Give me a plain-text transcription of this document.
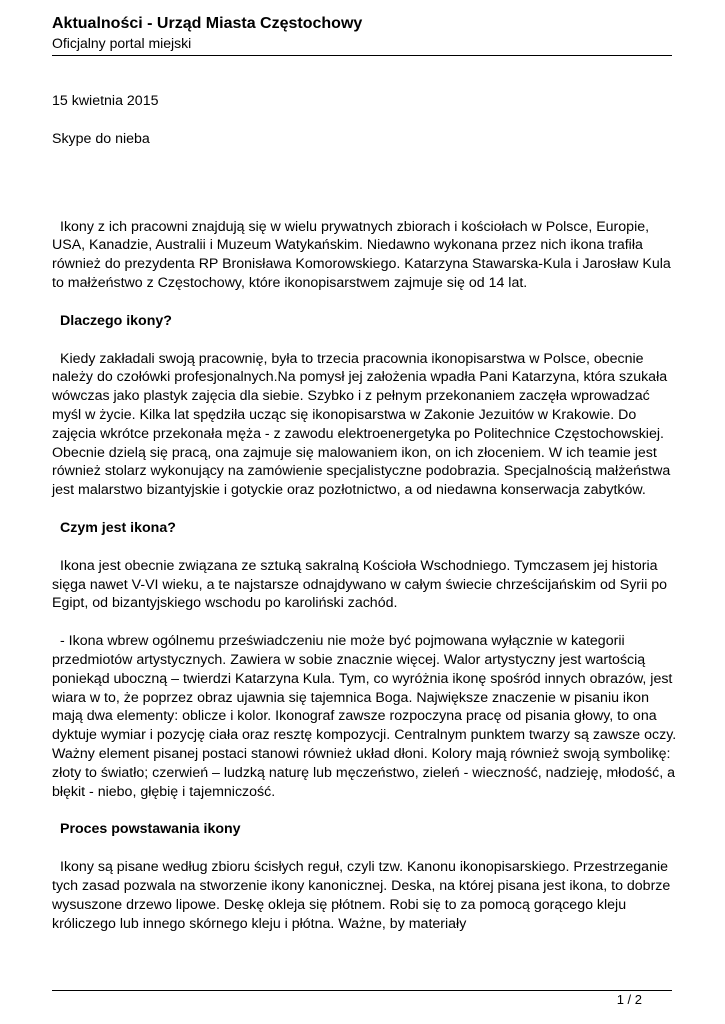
Aktualności - Urząd Miasta Częstochowy
Oficjalny portal miejski
15 kwietnia 2015
Skype do nieba

Ikony z ich pracowni znajdują się w wielu prywatnych zbiorach i kościołach w Polsce, Europie, USA, Kanadzie, Australii i Muzeum Watykańskim. Niedawno wykonana przez nich ikona trafiła również do prezydenta RP Bronisława Komorowskiego. Katarzyna Stawarska-Kula i Jarosław Kula to małżeństwo z Częstochowy, które ikonopisarstwem zajmuje się od 14 lat.

Dlaczego ikony?

Kiedy zakładali swoją pracownię, była to trzecia pracownia ikonopisarstwa w Polsce, obecnie należy do czołówki profesjonalnych.Na pomysł jej założenia wpadła Pani Katarzyna, która szukała wówczas jako plastyk zajęcia dla siebie. Szybko i z pełnym przekonaniem zaczęła wprowadzać myśl w życie. Kilka lat spędziła ucząc się ikonopisarstwa w Zakonie Jezuitów w Krakowie. Do zajęcia wkrótce przekonała męża - z zawodu elektroenergetyka po Politechnice Częstochowskiej. Obecnie dzielą się pracą, ona zajmuje się malowaniem ikon, on ich złoceniem. W ich teamie jest również stolarz wykonujący na zamówienie specjalistyczne podobrazia. Specjalnością małżeństwa jest malarstwo bizantyjskie i gotyckie oraz pozłotnictwo, a od niedawna konserwacja zabytków.

Czym jest ikona?

Ikona jest obecnie związana ze sztuką sakralną Kościoła Wschodniego. Tymczasem jej historia sięga nawet V-VI wieku, a te najstarsze odnajdywano w całym świecie chrześcijańskim od Syrii po Egipt, od bizantyjskiego wschodu po karoliński zachód.

- Ikona wbrew ogólnemu przeświadczeniu nie może być pojmowana wyłącznie w kategorii przedmiotów artystycznych. Zawiera w sobie znacznie więcej. Walor artystyczny jest wartością poniekąd uboczną – twierdzi Katarzyna Kula. Tym, co wyróżnia ikonę spośród innych obrazów, jest wiara w to, że poprzez obraz ujawnia się tajemnica Boga. Największe znaczenie w pisaniu ikon mają dwa elementy: oblicze i kolor. Ikonograf zawsze rozpoczyna pracę od pisania głowy, to ona dyktuje wymiar i pozycję ciała oraz resztę kompozycji. Centralnym punktem twarzy są zawsze oczy. Ważny element pisanej postaci stanowi również układ dłoni. Kolory mają również swoją symbolikę: złoty to światło; czerwień – ludzką naturę lub męczeństwo, zieleń - wieczność, nadzieję, młodość, a błękit - niebo, głębię i tajemniczość.

Proces powstawania ikony

Ikony są pisane według zbioru ścisłych reguł, czyli tzw. Kanonu ikonopisarskiego. Przestrzeganie tych zasad pozwala na stworzenie ikony kanonicznej. Deska, na której pisana jest ikona, to dobrze wysuszone drzewo lipowe. Deskę okleja się płótnem. Robi się to za pomocą gorącego kleju króliczego lub innego skórnego kleju i płótna. Ważne, by materiały

1 / 2
